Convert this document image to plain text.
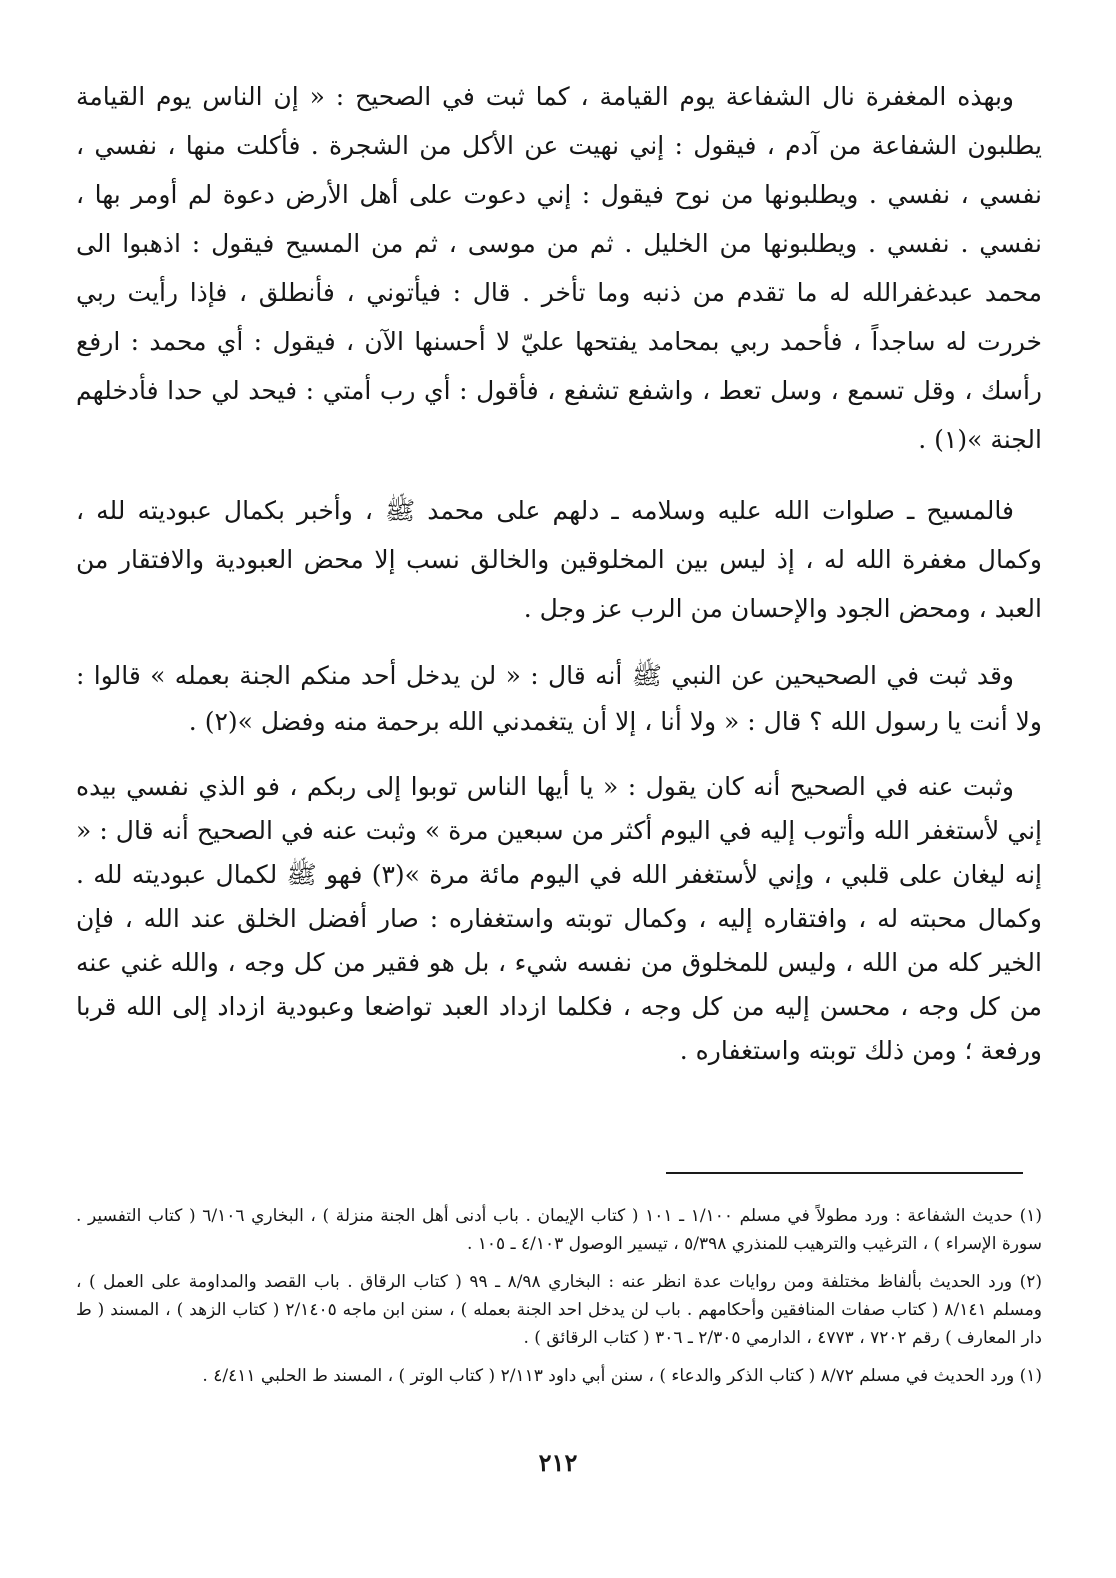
وبهذه المغفرة نال الشفاعة يوم القيامة ، كما ثبت في الصحيح : « إن الناس يوم القيامة يطلبون الشفاعة من آدم ، فيقول : إني نهيت عن الأكل من الشجرة . فأكلت منها ، نفسي ، نفسي ، نفسي . ويطلبونها من نوح فيقول : إني دعوت على أهل الأرض دعوة لم أومر بها ، نفسي . نفسي . ويطلبونها من الخليل . ثم من موسى ، ثم من المسيح فيقول : اذهبوا الى محمد عبدغفرالله له ما تقدم من ذنبه وما تأخر . قال : فيأتوني ، فأنطلق ، فإذا رأيت ربي خررت له ساجداً ، فأحمد ربي بمحامد يفتحها عليّ لا أحسنها الآن ، فيقول : أي محمد : ارفع رأسك ، وقل تسمع ، وسل تعط ، واشفع تشفع ، فأقول : أي رب أمتي : فيحد لي حدا فأدخلهم الجنة »(١) .

فالمسيح ـ صلوات الله عليه وسلامه ـ دلهم على محمد ﷺ ، وأخبر بكمال عبوديته لله ، وكمال مغفرة الله له ، إذ ليس بين المخلوقين والخالق نسب إلا محض العبودية والافتقار من العبد ، ومحض الجود والإحسان من الرب عز وجل .

وقد ثبت في الصحيحين عن النبي ﷺ أنه قال : « لن يدخل أحد منكم الجنة بعمله » قالوا : ولا أنت يا رسول الله ؟ قال : « ولا أنا ، إلا أن يتغمدني الله برحمة منه وفضل »(٢) .

وثبت عنه في الصحيح أنه كان يقول : « يا أيها الناس توبوا إلى ربكم ، فو الذي نفسي بيده إني لأستغفر الله وأتوب إليه في اليوم أكثر من سبعين مرة » وثبت عنه في الصحيح أنه قال : « إنه ليغان على قلبي ، وإني لأستغفر الله في اليوم مائة مرة »(٣) فهو ﷺ لكمال عبوديته لله . وكمال محبته له ، وافتقاره إليه ، وكمال توبته واستغفاره : صار أفضل الخلق عند الله ، فإن الخير كله من الله ، وليس للمخلوق من نفسه شيء ، بل هو فقير من كل وجه ، والله غني عنه من كل وجه ، محسن إليه من كل وجه ، فكلما ازداد العبد تواضعا وعبودية ازداد إلى الله قربا ورفعة ؛ ومن ذلك توبته واستغفاره .

(١) حديث الشفاعة : ورد مطولاً في مسلم ١/١٠٠ ـ ١٠١ ( كتاب الإيمان . باب أدنى أهل الجنة منزلة ) ، البخاري ٦/١٠٦ ( كتاب التفسير . سورة الإسراء ) ، الترغيب والترهيب للمنذري ٥/٣٩٨ ، تيسير الوصول ٤/١٠٣ ـ ١٠٥ .

(٢) ورد الحديث بألفاظ مختلفة ومن روايات عدة انظر عنه : البخاري ٨/٩٨ ـ ٩٩ ( كتاب الرقاق . باب القصد والمداومة على العمل ) ، ومسلم ٨/١٤١ ( كتاب صفات المنافقين وأحكامهم . باب لن يدخل احد الجنة بعمله ) ، سنن ابن ماجه ٢/١٤٠٥ ( كتاب الزهد ) ، المسند ( ط دار المعارف ) رقم ٧٢٠٢ ، ٤٧٧٣ ، الدارمي ٢/٣٠٥ ـ ٣٠٦ ( كتاب الرقائق ) .

(١) ورد الحديث في مسلم ٨/٧٢ ( كتاب الذكر والدعاء ) ، سنن أبي داود ٢/١١٣ ( كتاب الوتر ) ، المسند ط الحلبي ٤/٤١١ .

٢١٢
